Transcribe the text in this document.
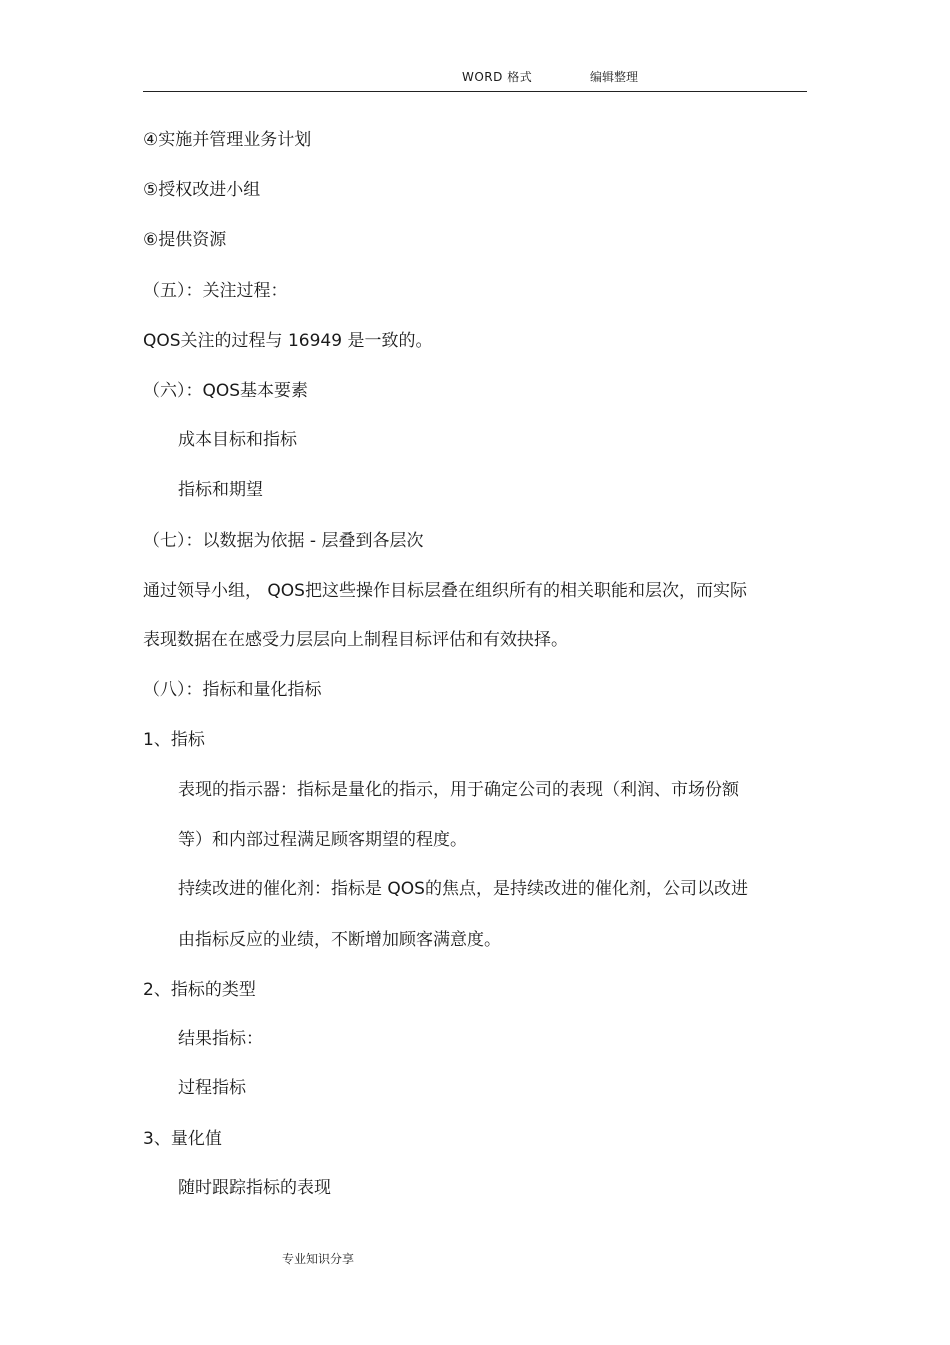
WORD 格式	编辑整理
④实施并管理业务计划
⑤授权改进小组
⑥提供资源
（五）：关注过程：
QOS关注的过程与 16949 是一致的。
（六）：QOS基本要素
成本目标和指标
指标和期望
（七）：以数据为依据 - 层叠到各层次
通过领导小组， QOS把这些操作目标层叠在组织所有的相关职能和层次，而实际
表现数据在在感受力层层向上制程目标评估和有效抉择。
（八）：指标和量化指标
1、指标
表现的指示器：指标是量化的指示，用于确定公司的表现（利润、市场份额
等）和内部过程满足顾客期望的程度。
持续改进的催化剂：指标是 QOS的焦点，是持续改进的催化剂，公司以改进
由指标反应的业绩，不断增加顾客满意度。
2、指标的类型
结果指标：
过程指标
3、量化值
随时跟踪指标的表现
专业知识分享
